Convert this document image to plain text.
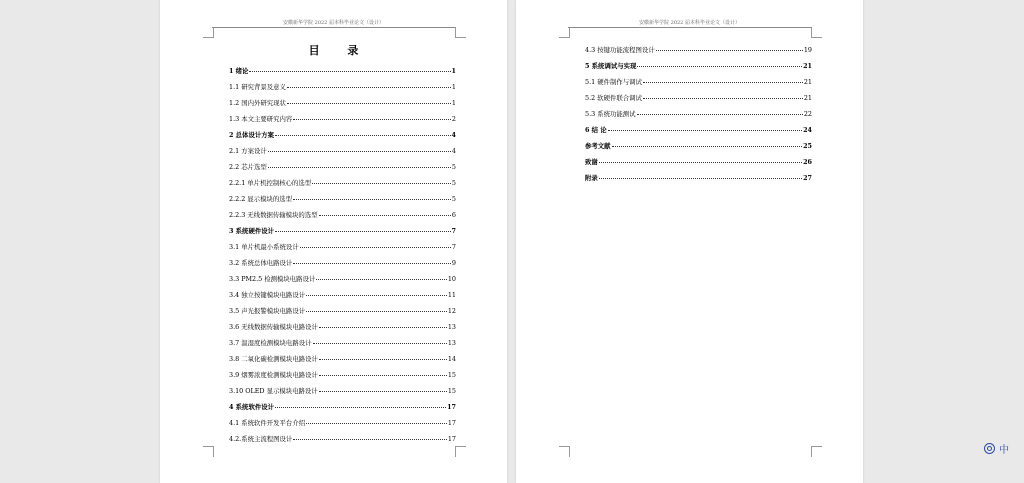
安徽新华学院 2022 届本科毕业论文（设计）
目 录
1 绪论	1
1.1 研究背景及意义	1
1.2 国内外研究现状	1
1.3 本文主要研究内容	2
2 总体设计方案	4
2.1 方案设计	4
2.2 芯片选型	5
2.2.1 单片机控制核心的选型	5
2.2.2 显示模块的选型	5
2.2.3 无线数据传输模块的选型	6
3 系统硬件设计	7
3.1 单片机最小系统设计	7
3.2 系统总体电路设计	9
3.3 PM2.5 检测模块电路设计	10
3.4 独立按键模块电路设计	11
3.5 声光报警模块电路设计	12
3.6 无线数据传输模块电路设计	13
3.7 温湿度检测模块电路设计	13
3.8 二氧化碳检测模块电路设计	14
3.9 烟雾浓度检测模块电路设计	15
3.10 OLED 显示模块电路设计	15
4 系统软件设计	17
4.1 系统软件开发平台介绍	17
4.2.系统主流程图设计	17
安徽新华学院 2022 届本科毕业论文（设计）
4.3 按键功能流程图设计	19
5 系统调试与实现	21
5.1 硬件制作与调试	21
5.2 软硬件联合调试	21
5.3 系统功能测试	22
6 结 论	24
参考文献	25
致谢	26
附录	27
中
